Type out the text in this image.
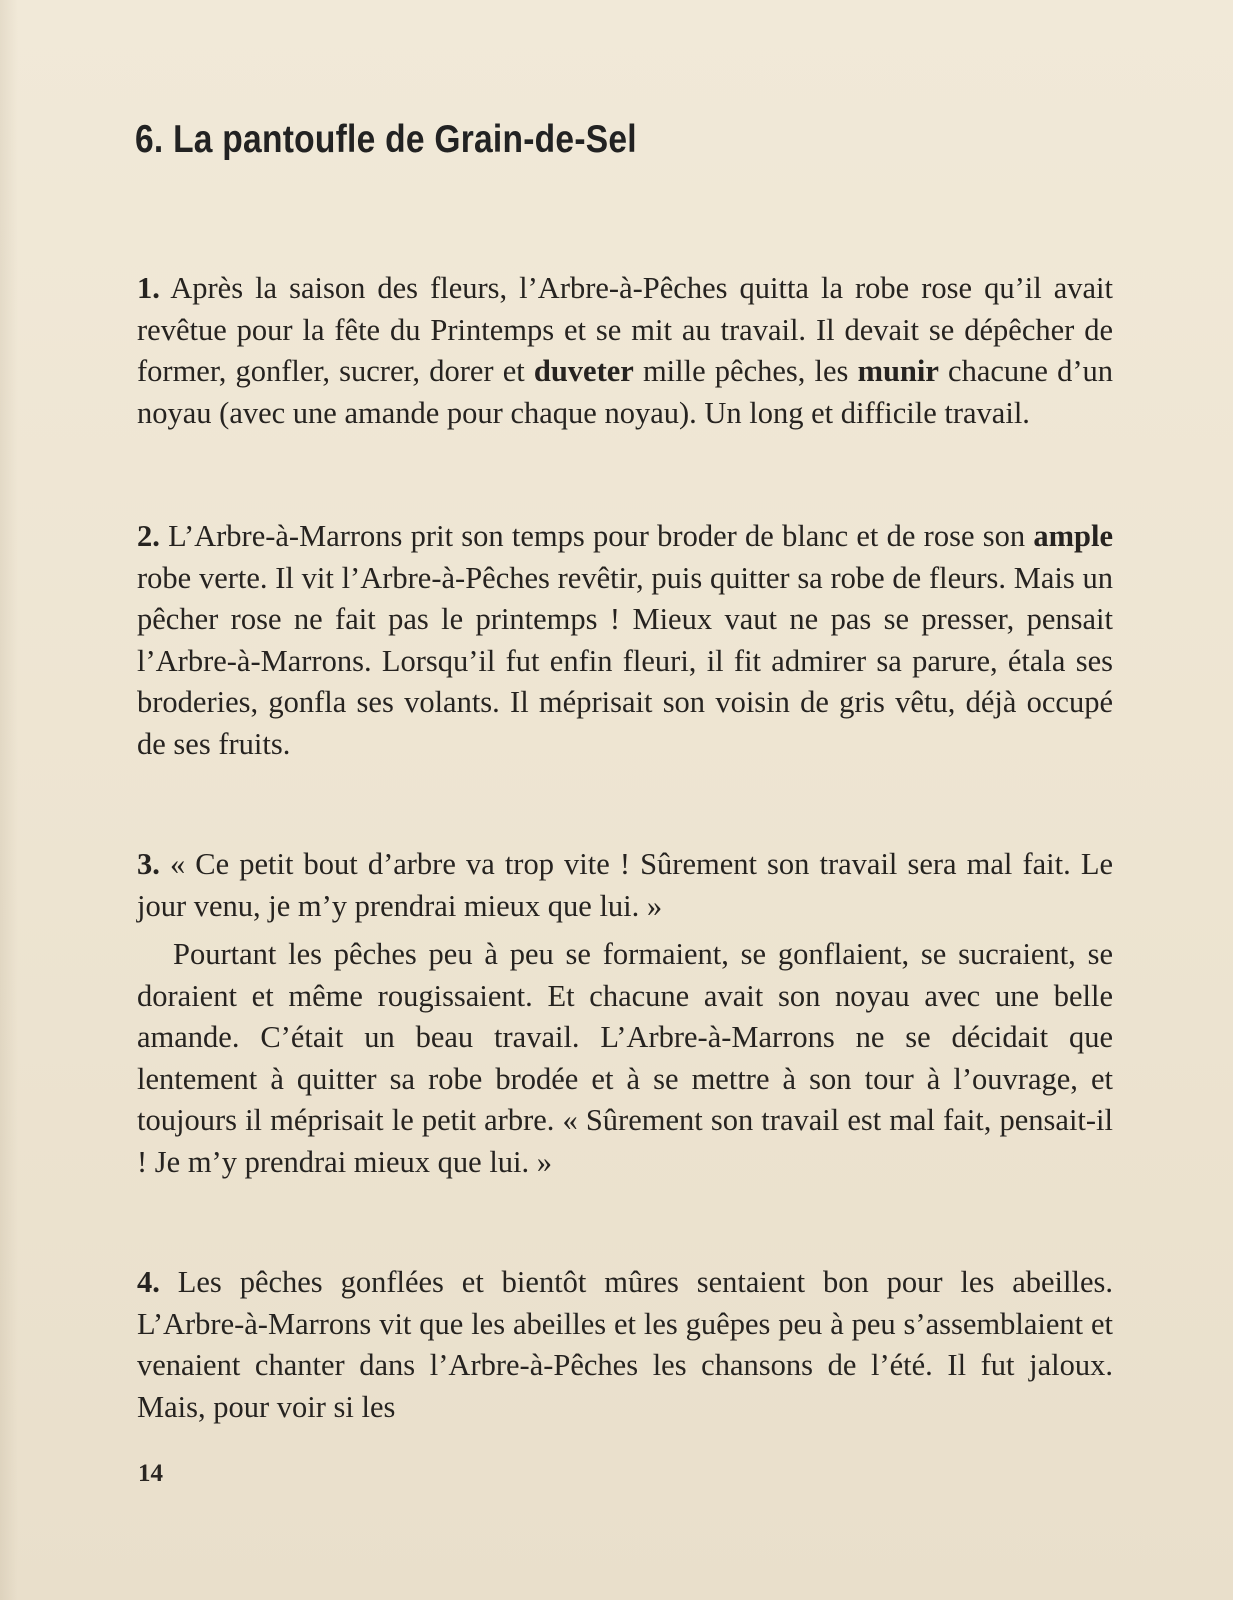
6. La pantoufle de Grain-de-Sel

1. Après la saison des fleurs, l’Arbre-à-Pêches quitta la robe rose qu’il avait revêtue pour la fête du Printemps et se mit au travail. Il devait se dépêcher de former, gonfler, sucrer, dorer et duveter mille pêches, les munir chacune d’un noyau (avec une amande pour chaque noyau). Un long et difficile travail.

2. L’Arbre-à-Marrons prit son temps pour broder de blanc et de rose son ample robe verte. Il vit l’Arbre-à-Pêches revêtir, puis quitter sa robe de fleurs. Mais un pêcher rose ne fait pas le printemps ! Mieux vaut ne pas se presser, pensait l’Arbre-à-Marrons. Lorsqu’il fut enfin fleuri, il fit admirer sa parure, étala ses broderies, gonfla ses volants. Il méprisait son voisin de gris vêtu, déjà occupé de ses fruits.

3. « Ce petit bout d’arbre va trop vite ! Sûrement son travail sera mal fait. Le jour venu, je m’y prendrai mieux que lui. »

Pourtant les pêches peu à peu se formaient, se gonflaient, se sucraient, se doraient et même rougissaient. Et chacune avait son noyau avec une belle amande. C’était un beau travail. L’Arbre-à-Marrons ne se décidait que lentement à quitter sa robe brodée et à se mettre à son tour à l’ouvrage, et toujours il méprisait le petit arbre. « Sûrement son travail est mal fait, pensait-il ! Je m’y prendrai mieux que lui. »

4. Les pêches gonflées et bientôt mûres sentaient bon pour les abeilles. L’Arbre-à-Marrons vit que les abeilles et les guêpes peu à peu s’assemblaient et venaient chanter dans l’Arbre-à-Pêches les chansons de l’été. Il fut jaloux. Mais, pour voir si les

14
